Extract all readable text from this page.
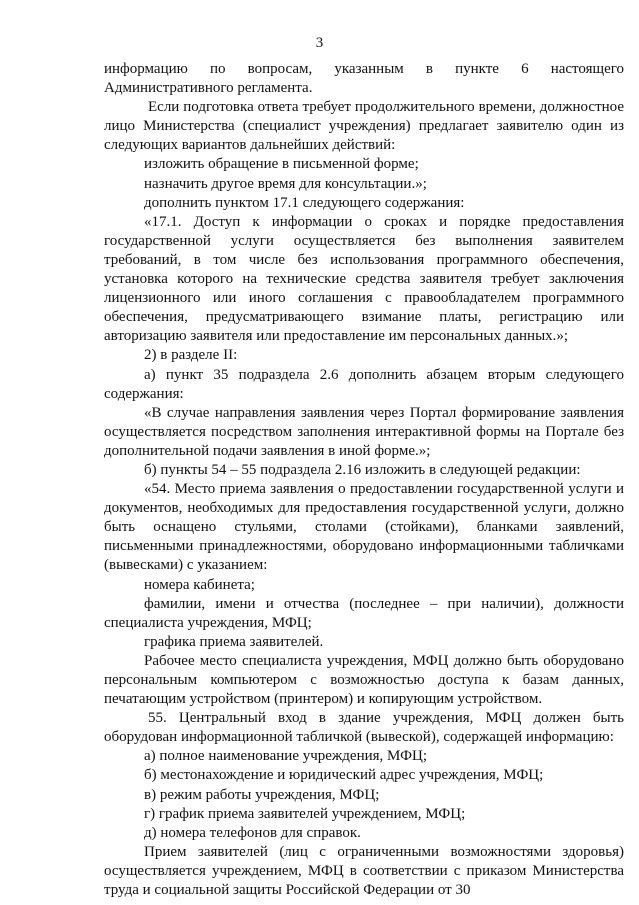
3

информацию по вопросам, указанным в пункте 6 настоящего Административного регламента.

Если подготовка ответа требует продолжительного времени, должностное лицо Министерства (специалист учреждения) предлагает заявителю один из следующих вариантов дальнейших действий:

изложить обращение в письменной форме;

назначить другое время для консультации.»;

дополнить пунктом 17.1 следующего содержания:

«17.1. Доступ к информации о сроках и порядке предоставления государственной услуги осуществляется без выполнения заявителем требований, в том числе без использования программного обеспечения, установка которого на технические средства заявителя требует заключения лицензионного или иного соглашения с правообладателем программного обеспечения, предусматривающего взимание платы, регистрацию или авторизацию заявителя или предоставление им персональных данных.»;

2) в разделе II:

а) пункт 35 подраздела 2.6 дополнить абзацем вторым следующего содержания:

«В случае направления заявления через Портал формирование заявления осуществляется посредством заполнения интерактивной формы на Портале без дополнительной подачи заявления в иной форме.»;

б) пункты 54 – 55 подраздела 2.16 изложить в следующей редакции:

«54. Место приема заявления о предоставлении государственной услуги и документов, необходимых для предоставления государственной услуги, должно быть оснащено стульями, столами (стойками), бланками заявлений, письменными принадлежностями, оборудовано информационными табличками (вывесками) с указанием:

номера кабинета;

фамилии, имени и отчества (последнее – при наличии), должности специалиста учреждения, МФЦ;

графика приема заявителей.

Рабочее место специалиста учреждения, МФЦ должно быть оборудовано персональным компьютером с возможностью доступа к базам данных, печатающим устройством (принтером) и копирующим устройством.

55. Центральный вход в здание учреждения, МФЦ должен быть оборудован информационной табличкой (вывеской), содержащей информацию:

а) полное наименование учреждения, МФЦ;

б) местонахождение и юридический адрес учреждения, МФЦ;

в) режим работы учреждения, МФЦ;

г) график приема заявителей учреждением, МФЦ;

д) номера телефонов для справок.

Прием заявителей (лиц с ограниченными возможностями здоровья) осуществляется учреждением, МФЦ в соответствии с приказом Министерства труда и социальной защиты Российской Федерации от 30
